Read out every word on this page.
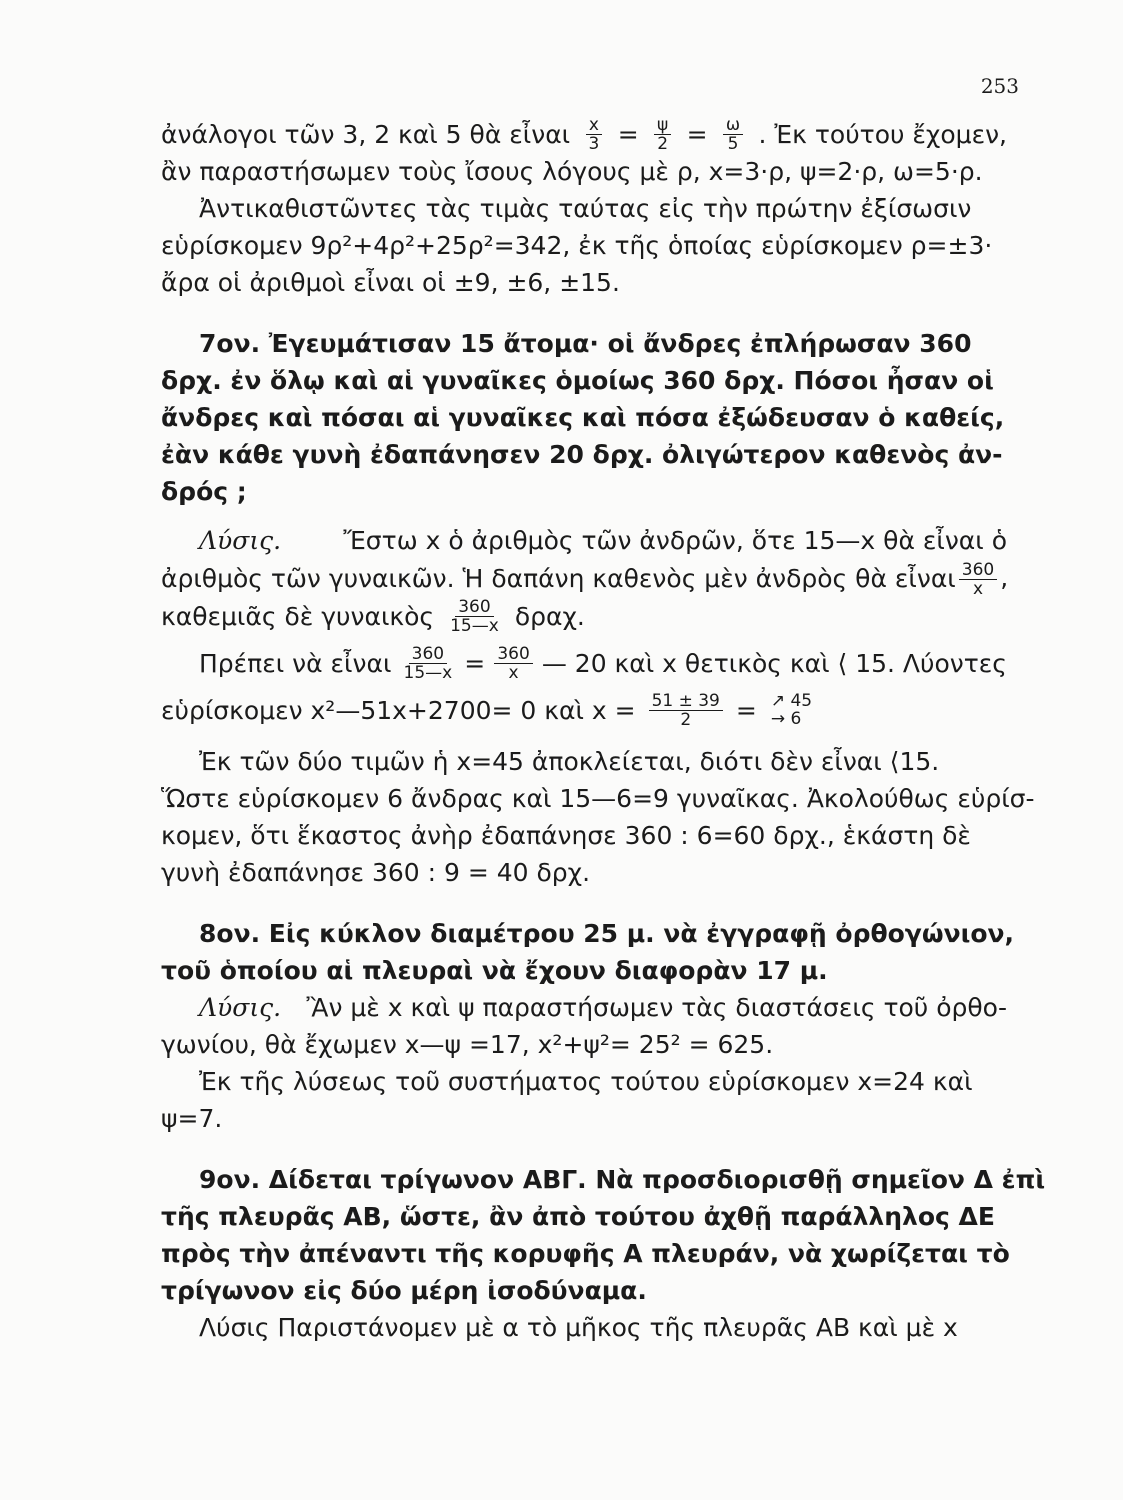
253
ἀνάλογοι τῶν 3, 2 καὶ 5 θὰ εἶναι $\frac{x}{3} = \frac{\psi}{2} = \frac{\omega}{5}$ . Ἐκ τούτου ἔχομεν,
ἂν παραστήσωμεν τοὺς ἴσους λόγους μὲ ρ, x=3·ρ, ψ=2·ρ, ω=5·ρ.
Ἀντικαθιστῶντες τὰς τιμὰς ταύτας εἰς τὴν πρώτην ἐξίσωσιν
εὑρίσκομεν 9ρ²+4ρ²+25ρ²=342, ἐκ τῆς ὁποίας εὑρίσκομεν ρ=±3·
ἄρα οἱ ἀριθμοὶ εἶναι οἱ ±9, ±6, ±15.
7ον. Ἐγευμάτισαν 15 ἄτομα· οἱ ἄνδρες ἐπλήρωσαν 360
δρχ. ἐν ὅλῳ καὶ αἱ γυναῖκες ὁμοίως 360 δρχ. Πόσοι ἦσαν οἱ
ἄνδρες καὶ πόσαι αἱ γυναῖκες καὶ πόσα ἐξώδευσαν ὁ καθείς,
ἐὰν κάθε γυνὴ ἐδαπάνησεν 20 δρχ. ὀλιγώτερον καθενὸς ἀν-
δρός ;
Λύσις. Ἔστω x ὁ ἀριθμὸς τῶν ἀνδρῶν, ὅτε 15—x θὰ εἶναι ὁ
ἀριθμὸς τῶν γυναικῶν. Ἡ δαπάνη καθενὸς μὲν ἀνδρὸς θὰ εἶναι $\frac{360}{x}$ ,
καθεμιᾶς δὲ γυναικὸς $\frac{360}{15—x} \delta\rho\alpha\chi$.
Πρέπει νὰ εἶναι $\frac{360}{15—x} = \frac{360}{x}$ — 20 καὶ x θετικὸς καὶ ⟨ 15. Λύοντες
εὑρίσκομεν x²—51x+2700= 0 καὶ $x = \frac{51 \pm 39}{2}$ = ↗ 45
→ 6
Ἐκ τῶν δύο τιμῶν ἡ x=45 ἀποκλείεται, διότι δὲν εἶναι ⟨15.
Ὥστε εὑρίσκομεν 6 ἄνδρας καὶ 15—6=9 γυναῖκας. Ἀκολούθως εὑρίσ-
κομεν, ὅτι ἕκαστος ἀνὴρ ἐδαπάνησε 360 : 6=60 δρχ., ἑκάστη δὲ
γυνὴ ἐδαπάνησε 360 : 9 = 40 δρχ.
8ον. Εἰς κύκλον διαμέτρου 25 μ. νὰ ἐγγραφῇ ὀρθογώνιον,
τοῦ ὁποίου αἱ πλευραὶ νὰ ἔχουν διαφορὰν 17 μ.
Λύσις. Ἂν μὲ x καὶ ψ παραστήσωμεν τὰς διαστάσεις τοῦ ὀρθο-
γωνίου, θὰ ἔχωμεν x—ψ =17, x²+ψ²= 25² = 625.
Ἐκ τῆς λύσεως τοῦ συστήματος τούτου εὑρίσκομεν x=24 καὶ
ψ=7.
9ον. Δίδεται τρίγωνον ΑΒΓ. Νὰ προσδιορισθῇ σημεῖον Δ ἐπὶ
τῆς πλευρᾶς ΑΒ, ὥστε, ἂν ἀπὸ τούτου ἀχθῇ παράλληλος ΔΕ
πρὸς τὴν ἀπέναντι τῆς κορυφῆς Α πλευράν, νὰ χωρίζεται τὸ
τρίγωνον εἰς δύο μέρη ἰσοδύναμα.
Λύσις Παριστάνομεν μὲ α τὸ μῆκος τῆς πλευρᾶς ΑΒ καὶ μὲ x
